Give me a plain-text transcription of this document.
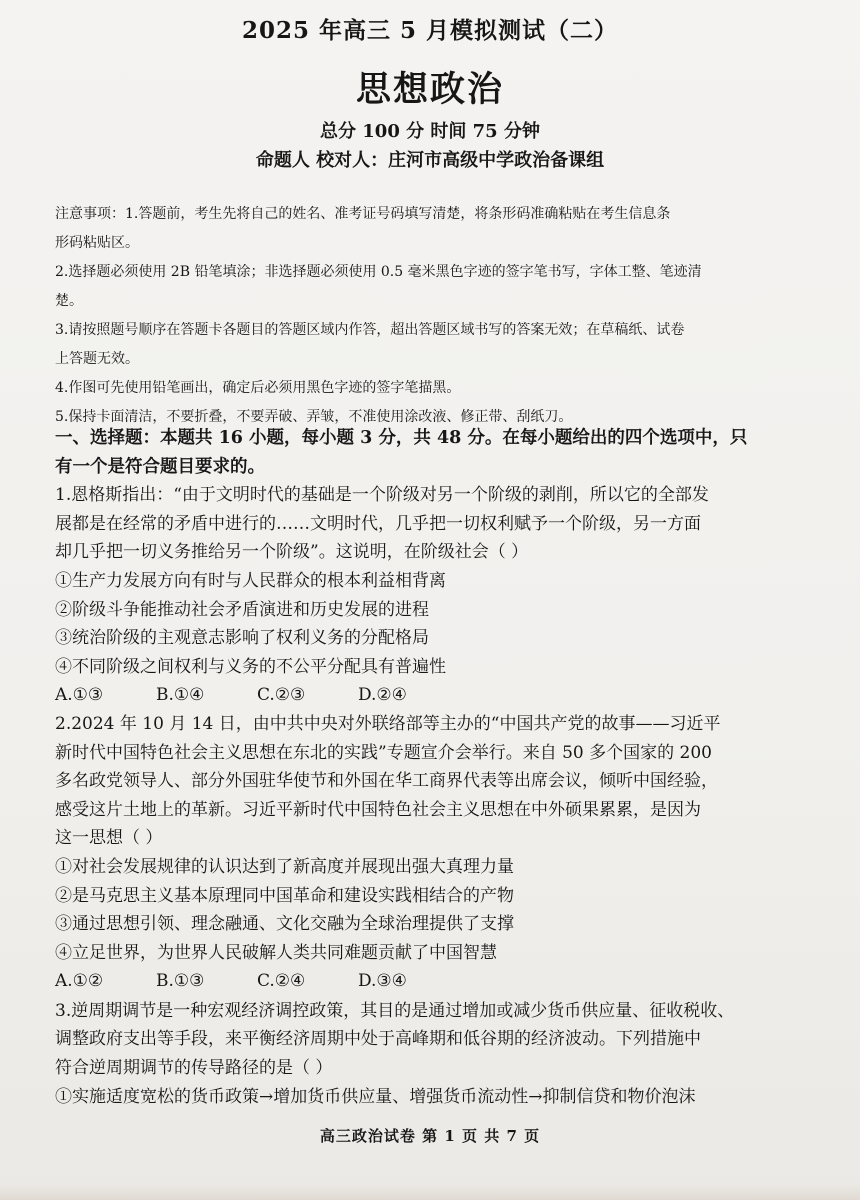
2025 年高三 5 月模拟测试（二）
思想政治
总分 100 分 时间 75 分钟
命题人 校对人：庄河市高级中学政治备课组

注意事项：1.答题前，考生先将自己的姓名、准考证号码填写清楚，将条形码准确粘贴在考生信息条

形码粘贴区。

2.选择题必须使用 2B 铅笔填涂；非选择题必须使用 0.5 毫米黑色字迹的签字笔书写，字体工整、笔迹清

楚。

3.请按照题号顺序在答题卡各题目的答题区域内作答，超出答题区域书写的答案无效；在草稿纸、试卷

上答题无效。

4.作图可先使用铅笔画出，确定后必须用黑色字迹的签字笔描黑。

5.保持卡面清洁，不要折叠，不要弄破、弄皱，不准使用涂改液、修正带、刮纸刀。

一、选择题：本题共 16 小题，每小题 3 分，共 48 分。在每小题给出的四个选项中，只

有一个是符合题目要求的。

1.恩格斯指出：“由于文明时代的基础是一个阶级对另一个阶级的剥削，所以它的全部发

展都是在经常的矛盾中进行的……文明时代，几乎把一切权利赋予一个阶级，另一方面

却几乎把一切义务推给另一个阶级”。这说明，在阶级社会（ ）

①生产力发展方向有时与人民群众的根本利益相背离

②阶级斗争能推动社会矛盾演进和历史发展的进程

③统治阶级的主观意志影响了权利义务的分配格局

④不同阶级之间权利与义务的不公平分配具有普遍性

A.①③	B.①④	C.②③	D.②④

2.2024 年 10 月 14 日，由中共中央对外联络部等主办的“中国共产党的故事——习近平

新时代中国特色社会主义思想在东北的实践”专题宣介会举行。来自 50 多个国家的 200

多名政党领导人、部分外国驻华使节和外国在华工商界代表等出席会议，倾听中国经验，

感受这片土地上的革新。习近平新时代中国特色社会主义思想在中外硕果累累，是因为

这一思想（ ）

①对社会发展规律的认识达到了新高度并展现出强大真理力量

②是马克思主义基本原理同中国革命和建设实践相结合的产物

③通过思想引领、理念融通、文化交融为全球治理提供了支撑

④立足世界，为世界人民破解人类共同难题贡献了中国智慧

A.①②	B.①③	C.②④	D.③④

3.逆周期调节是一种宏观经济调控政策，其目的是通过增加或减少货币供应量、征收税收、

调整政府支出等手段，来平衡经济周期中处于高峰期和低谷期的经济波动。下列措施中

符合逆周期调节的传导路径的是（ ）

①实施适度宽松的货币政策→增加货币供应量、增强货币流动性→抑制信贷和物价泡沫

高三政治试卷 第 1 页 共 7 页
